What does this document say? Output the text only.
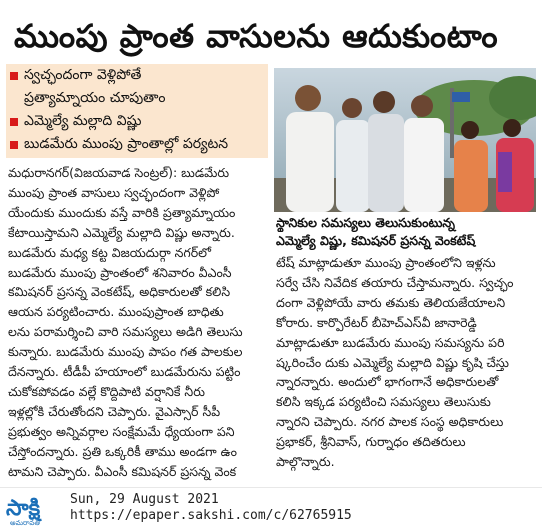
ముంపు ప్రాంత వాసులను ఆదుకుంటాం
స్వచ్ఛందంగా వెళ్లిపోతే
ప్రత్యామ్నాయం చూపుతాం
ఎమ్మెల్యే మల్లాది విష్ణు
బుడమేరు ముంపు ప్రాంతాల్లో పర్యటన
స్థానికుల సమస్యలు తెలుసుకుంటున్న
ఎమ్మెల్యే విష్ణు, కమిషనర్ ప్రసన్న వెంకటేష్
మధురానగర్(విజయవాడ సెంట్రల్): బుడమేరు
ముంపు ప్రాంత వాసులు స్వచ్ఛందంగా వెళ్లిపో
యేందుకు ముందుకు వస్తే వారికి ప్రత్యామ్నాయం
కేటాయిస్తామని ఎమ్మెల్యే మల్లాది విష్ణు అన్నారు.
బుడమేరు మధ్య కట్ట విజయదుర్గా నగర్‌లో
బుడమేరు ముంపు ప్రాంతంలో శనివారం వీఎంసీ
కమిషనర్ ప్రసన్న వెంకటేష్, అధికారులతో కలిసి
ఆయన పర్యటించారు. ముంపుప్రాంత బాధితు
లను పరామర్శించి వారి సమస్యలు అడిగి తెలుసు
కున్నారు. బుడమేరు ముంపు పాపం గత పాలకుల
దేనన్నారు. టీడీపీ హయాంలో బుడమేరును పట్టిం
చుకోకపోవడం వల్లే కొద్దిపాటి వర్షానికే నీరు
ఇళ్లల్లోకి చేరుతోందని చెప్పారు. వైఎస్సార్ సీపీ
ప్రభుత్వం అన్నివర్గాల సంక్షేమమే ధ్యేయంగా పని
చేస్తోందన్నారు. ప్రతి ఒక్కరికీ తాము అండగా ఉం
టామని చెప్పారు. వీఎంసీ కమిషనర్ ప్రసన్న వెంక
టేష్ మాట్లాడుతూ ముంపు ప్రాంతంలోని ఇళ్లను
సర్వే చేసి నివేదిక తయారు చేస్తామన్నారు. స్వచ్ఛం
దంగా వెళ్లిపోయే వారు తమకు తెలియజేయాలని
కోరారు. కార్పొరేటర్ బీహెచ్‌ఎస్‌వీ జానారెడ్డి
మాట్లాడుతూ బుడమేరు ముంపు సమస్యను పరి
ష్కరించేం దుకు ఎమ్మెల్యే మల్లాది విష్ణు కృషి చేస్తు
న్నారన్నారు. అందులో భాగంగానే అధికారులతో
కలిసి ఇక్కడ పర్యటించి సమస్యలు తెలుసుకు
న్నారని చెప్పారు. నగర పాలక సంస్థ అధికారులు
ప్రభాకర్, శ్రీనివాస్, గుర్నాధం తదితరులు
పాల్గొన్నారు.
సాక్షి
అమరావతి
Sun, 29 August 2021
https://epaper.sakshi.com/c/62765915
